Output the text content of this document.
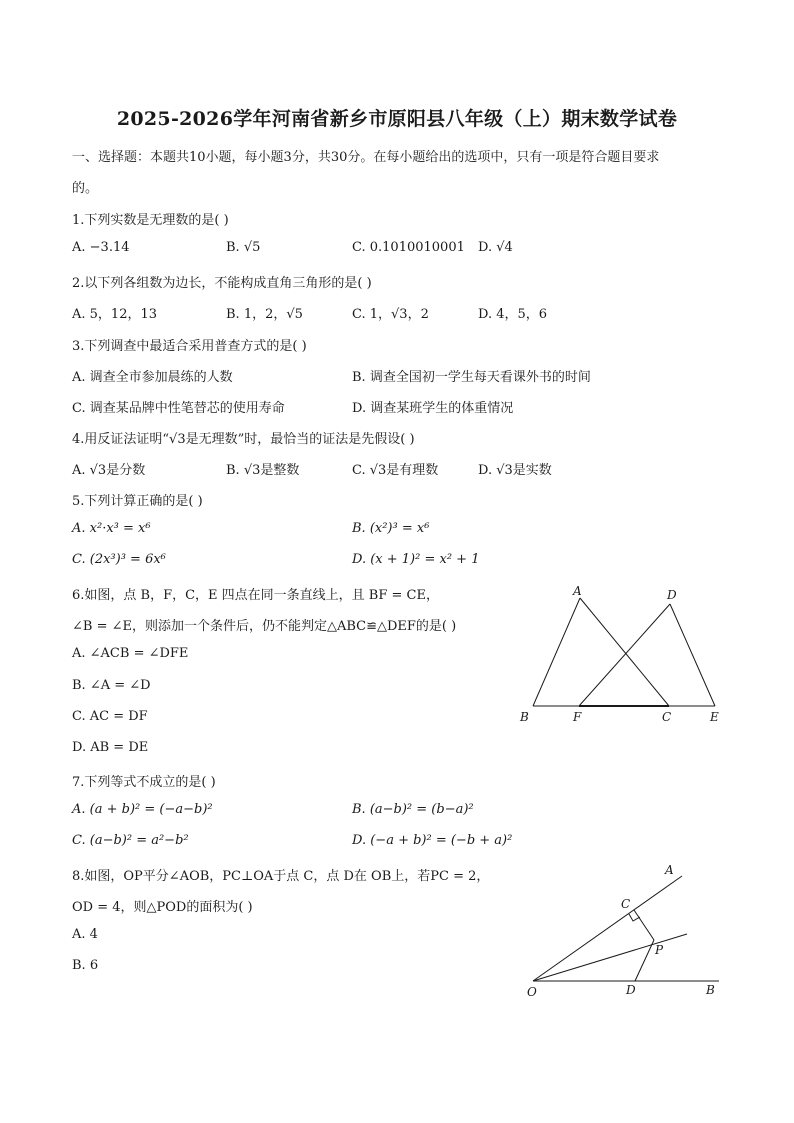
2025-2026学年河南省新乡市原阳县八年级（上）期末数学试卷
一、选择题：本题共10小题，每小题3分，共30分。在每小题给出的选项中，只有一项是符合题目要求
的。
1.下列实数是无理数的是( )
A. −3.14	B. √5	C. 0.1010010001 D. √4
2.以下列各组数为边长，不能构成直角三角形的是( )
A. 5，12，13	B. 1，2，√5	C. 1，√3，2	D. 4，5，6
3.下列调查中最适合采用普查方式的是( )
A. 调查全市参加晨练的人数	B. 调查全国初一学生每天看课外书的时间
C. 调查某品牌中性笔替芯的使用寿命	D. 调查某班学生的体重情况
4.用反证法证明“√3是无理数”时，最恰当的证法是先假设( )
A. √3是分数	B. √3是整数	C. √3是有理数	D. √3是实数
5.下列计算正确的是( )
A. x²·x³ = x⁶	B. (x²)³ = x⁶
C. (2x³)³ = 6x⁶	D. (x + 1)² = x² + 1
6.如图，点 B，F，C，E 四点在同一条直线上，且 BF = CE，
∠B = ∠E，则添加一个条件后，仍不能判定△ABC≌△DEF的是( )
A. ∠ACB = ∠DFE
B. ∠A = ∠D
C. AC = DF
D. AB = DE
A	D
B	F	C	E
7.下列等式不成立的是( )
A. (a + b)² = (−a−b)²	B. (a−b)² = (b−a)²
C. (a−b)² = a²−b²	D. (−a + b)² = (−b + a)²
8.如图，OP平分∠AOB，PC⊥OA于点 C，点 D在 OB上，若PC = 2，
OD = 4，则△POD的面积为( )
A. 4
B. 6
A
C
P
O	D	B
